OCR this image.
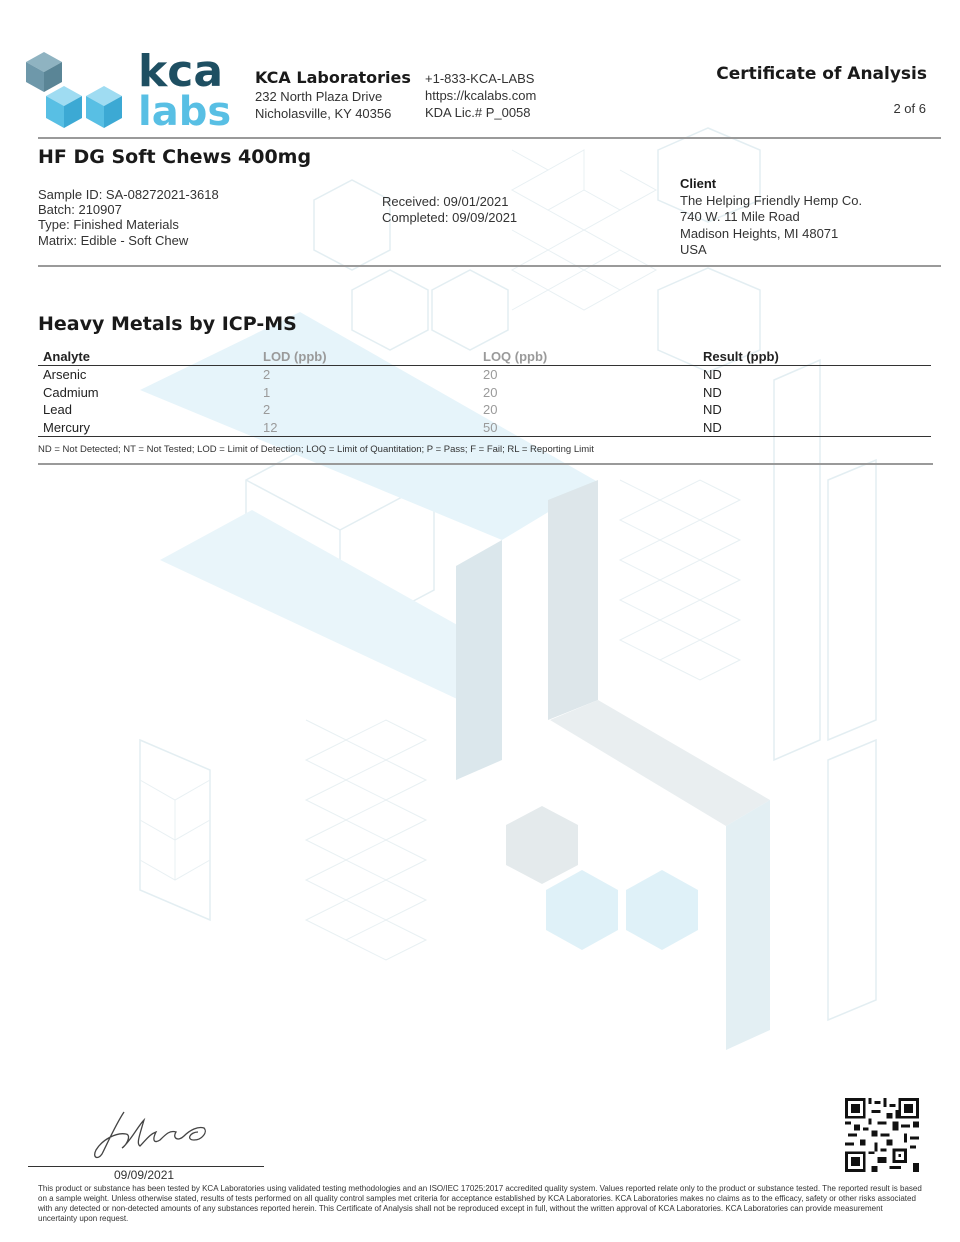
kca
labs
KCA Laboratories
232 North Plaza Drive
Nicholasville, KY 40356
+1-833-KCA-LABS
https://kcalabs.com
KDA Lic.# P_0058
Certificate of Analysis
2 of 6
HF DG Soft Chews 400mg
Sample ID: SA-08272021-3618
Batch: 210907
Type: Finished Materials
Matrix: Edible - Soft Chew
Received: 09/01/2021
Completed: 09/09/2021
Client
The Helping Friendly Hemp Co.
740 W. 11 Mile Road
Madison Heights, MI 48071
USA
Heavy Metals by ICP-MS
Analyte	LOD (ppb)	LOQ (ppb)	Result (ppb)
Arsenic	2	20	ND
Cadmium	1	20	ND
Lead	2	20	ND
Mercury	12	50	ND
ND = Not Detected; NT = Not Tested; LOD = Limit of Detection; LOQ = Limit of Quantitation; P = Pass; F = Fail; RL = Reporting Limit
09/09/2021
This product or substance has been tested by KCA Laboratories using validated testing methodologies and an ISO/IEC 17025:2017 accredited quality system. Values reported relate only to the product or substance tested. The reported result is based on a sample weight. Unless otherwise stated, results of tests performed on all quality control samples met criteria for acceptance established by KCA Laboratories. KCA Laboratories makes no claims as to the efficacy, safety or other risks associated with any detected or non-detected amounts of any substances reported herein. This Certificate of Analysis shall not be reproduced except in full, without the written approval of KCA Laboratories. KCA Laboratories can provide measurement uncertainty upon request.
